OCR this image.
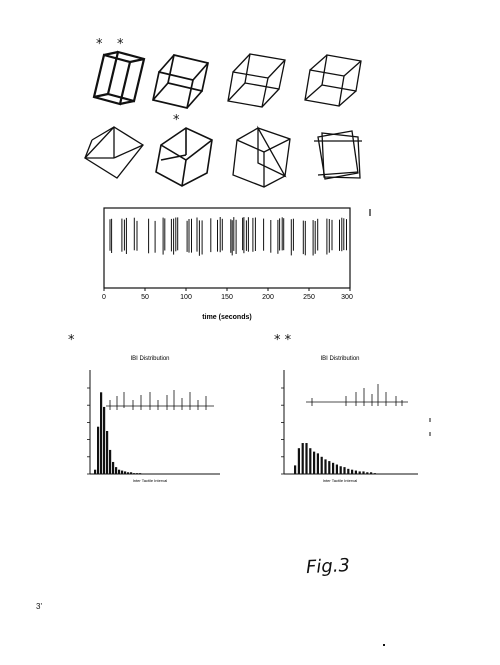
* *
*
0	50	100	150	200	250	300
time (seconds)
*
IBI Distribution
Inter Tactile Interval
* *
IBI Distribution
Inter Tactile Interval
Fig.3
3'
